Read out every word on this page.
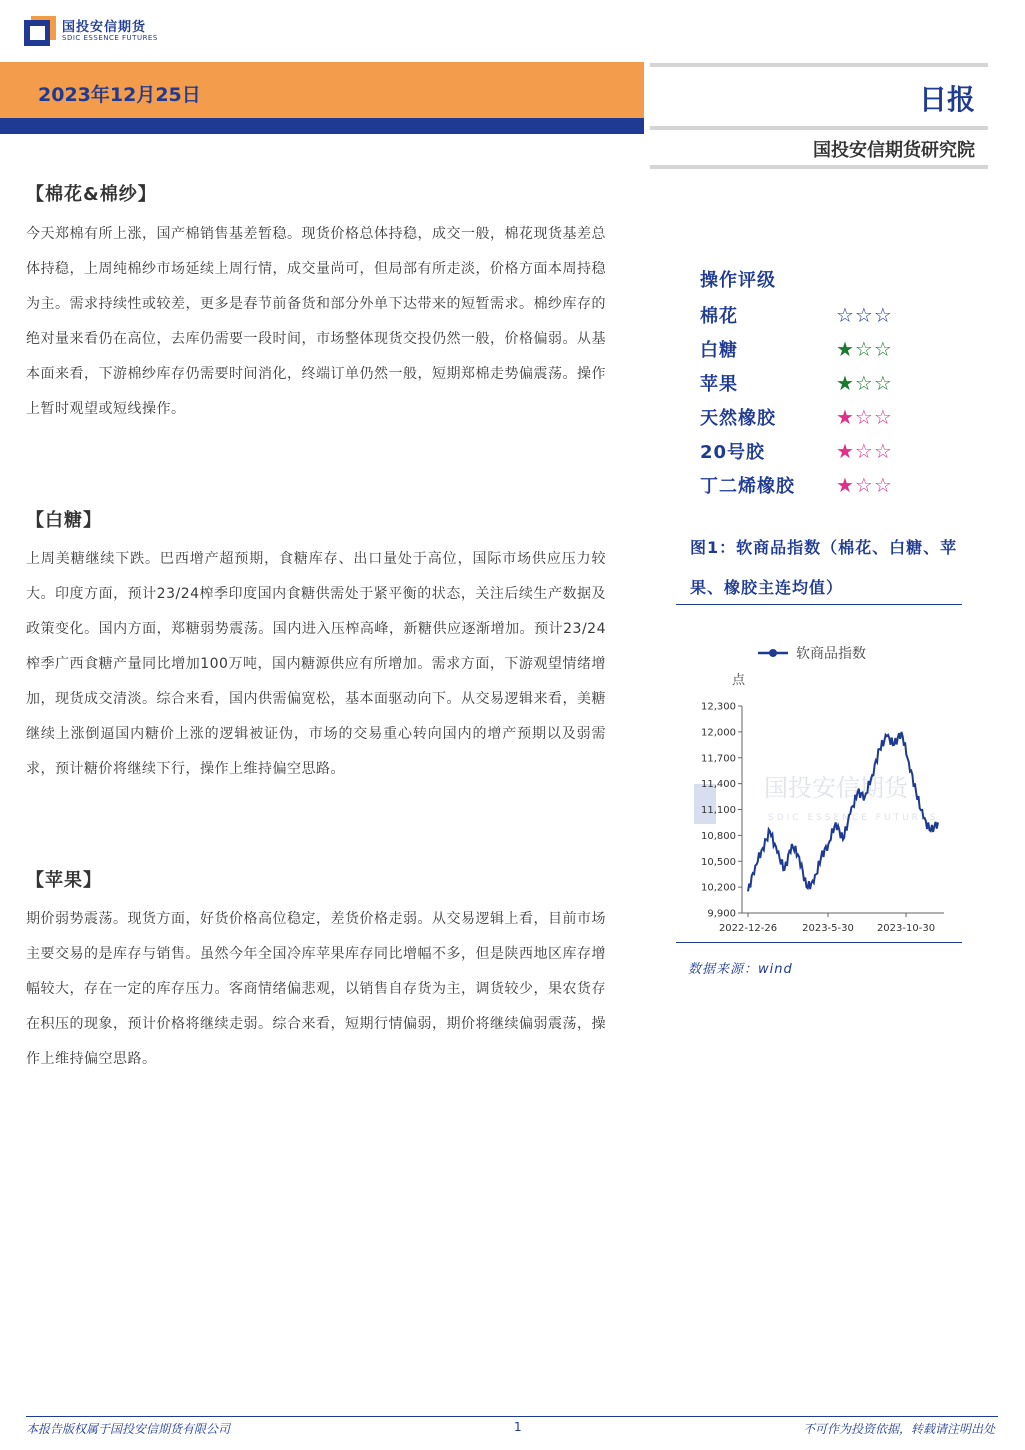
国投安信期货
SDIC ESSENCE FUTURES
2023年12月25日	日报
国投安信期货研究院
【棉花&棉纱】
今天郑棉有所上涨，国产棉销售基差暂稳。现货价格总体持稳，成交一般，棉花现货基差总体持稳，上周纯棉纱市场延续上周行情，成交量尚可，但局部有所走淡，价格方面本周持稳为主。需求持续性或较差，更多是春节前备货和部分外单下达带来的短暂需求。棉纱库存的绝对量来看仍在高位，去库仍需要一段时间，市场整体现货交投仍然一般，价格偏弱。从基本面来看，下游棉纱库存仍需要时间消化，终端订单仍然一般，短期郑棉走势偏震荡。操作上暂时观望或短线操作。
【白糖】
上周美糖继续下跌。巴西增产超预期，食糖库存、出口量处于高位，国际市场供应压力较大。印度方面，预计23/24榨季印度国内食糖供需处于紧平衡的状态，关注后续生产数据及政策变化。国内方面，郑糖弱势震荡。国内进入压榨高峰，新糖供应逐渐增加。预计23/24榨季广西食糖产量同比增加100万吨，国内糖源供应有所增加。需求方面，下游观望情绪增加，现货成交清淡。综合来看，国内供需偏宽松，基本面驱动向下。从交易逻辑来看，美糖继续上涨倒逼国内糖价上涨的逻辑被证伪，市场的交易重心转向国内的增产预期以及弱需求，预计糖价将继续下行，操作上维持偏空思路。
【苹果】
期价弱势震荡。现货方面，好货价格高位稳定，差货价格走弱。从交易逻辑上看，目前市场主要交易的是库存与销售。虽然今年全国冷库苹果库存同比增幅不多，但是陕西地区库存增幅较大，存在一定的库存压力。客商情绪偏悲观，以销售自存货为主，调货较少，果农货存在积压的现象，预计价格将继续走弱。综合来看，短期行情偏弱，期价将继续偏弱震荡，操作上维持偏空思路。
操作评级
棉花	☆☆☆
白糖	★☆☆
苹果	★☆☆
天然橡胶	★☆☆
20号胶	★☆☆
丁二烯橡胶	★☆☆
图1：软商品指数（棉花、白糖、苹果、橡胶主连均值）
国投安信期货
SDIC ESSENCE FUTURES
软商品指数
点
9,900
10,200
10,500
10,800
11,100
11,400
11,700
12,000
12,300
2022-12-26	2023-5-30 2023-10-30
数据来源：wind
本报告版权属于国投安信期货有限公司	1	不可作为投资依据，转载请注明出处
